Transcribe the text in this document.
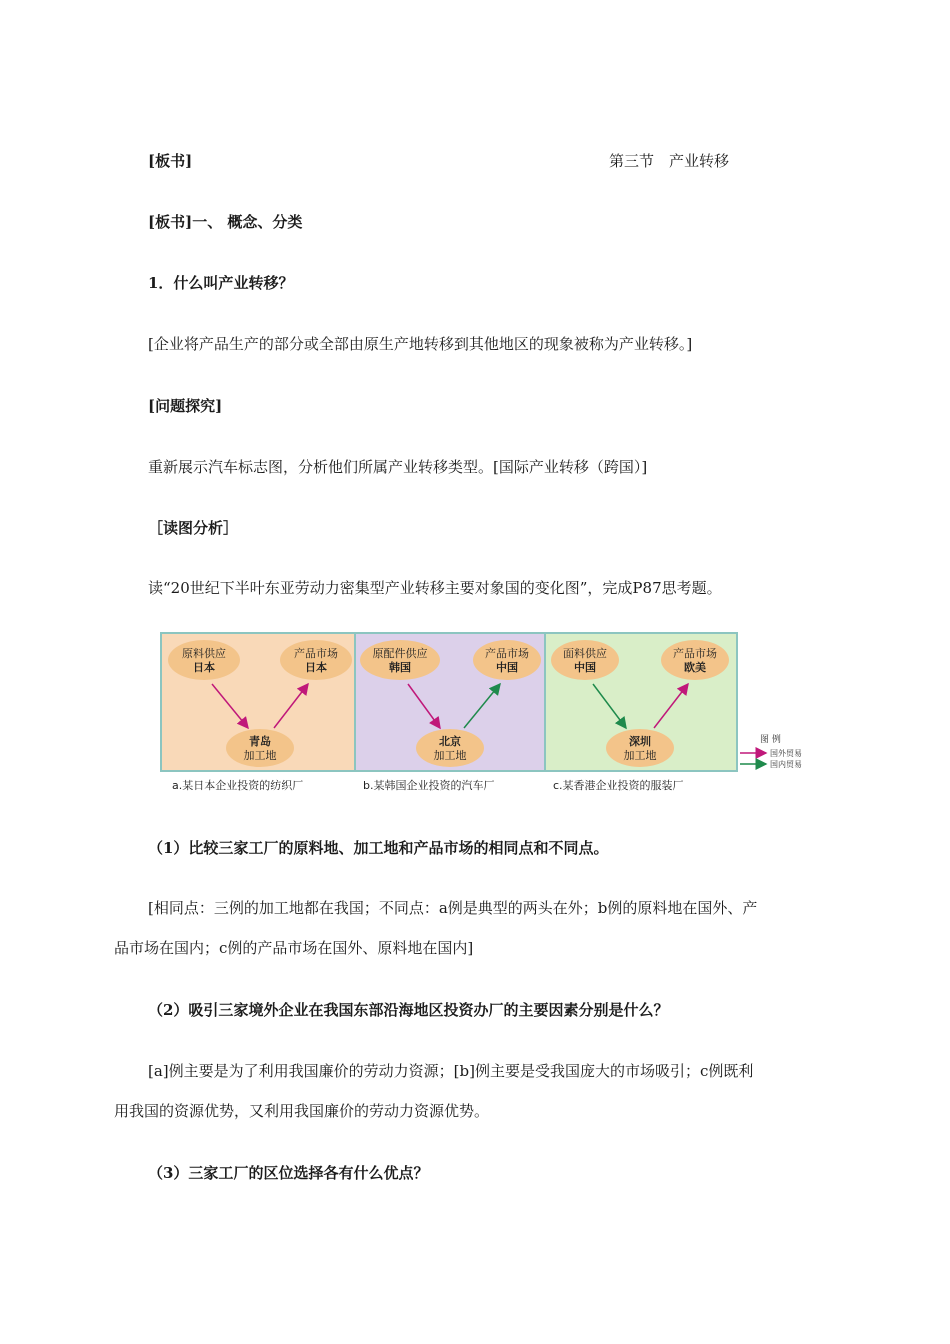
[板书]	第三节　产业转移
[板书]一、 概念、分类
1．什么叫产业转移？
[企业将产品生产的部分或全部由原生产地转移到其他地区的现象被称为产业转移。]
[问题探究]
重新展示汽车标志图，分析他们所属产业转移类型。[国际产业转移（跨国）]
［读图分析］
读“20世纪下半叶东亚劳动力密集型产业转移主要对象国的变化图”，完成P87思考题。
原料供应
日本
产品市场
日本
青岛
加工地
a.某日本企业投资的纺织厂
原配件供应
韩国
产品市场
中国
北京
加工地
b.某韩国企业投资的汽车厂
面料供应
中国
产品市场
欧美
深圳
加工地
c.某香港企业投资的服装厂
图 例
国外贸易
国内贸易
（1）比较三家工厂的原料地、加工地和产品市场的相同点和不同点。
[相同点：三例的加工地都在我国；不同点：a例是典型的两头在外；b例的原料地在国外、产
品市场在国内；c例的产品市场在国外、原料地在国内]
（2）吸引三家境外企业在我国东部沿海地区投资办厂的主要因素分别是什么？
[a]例主要是为了利用我国廉价的劳动力资源；[b]例主要是受我国庞大的市场吸引；c例既利
用我国的资源优势，又利用我国廉价的劳动力资源优势。
（3）三家工厂的区位选择各有什么优点？
